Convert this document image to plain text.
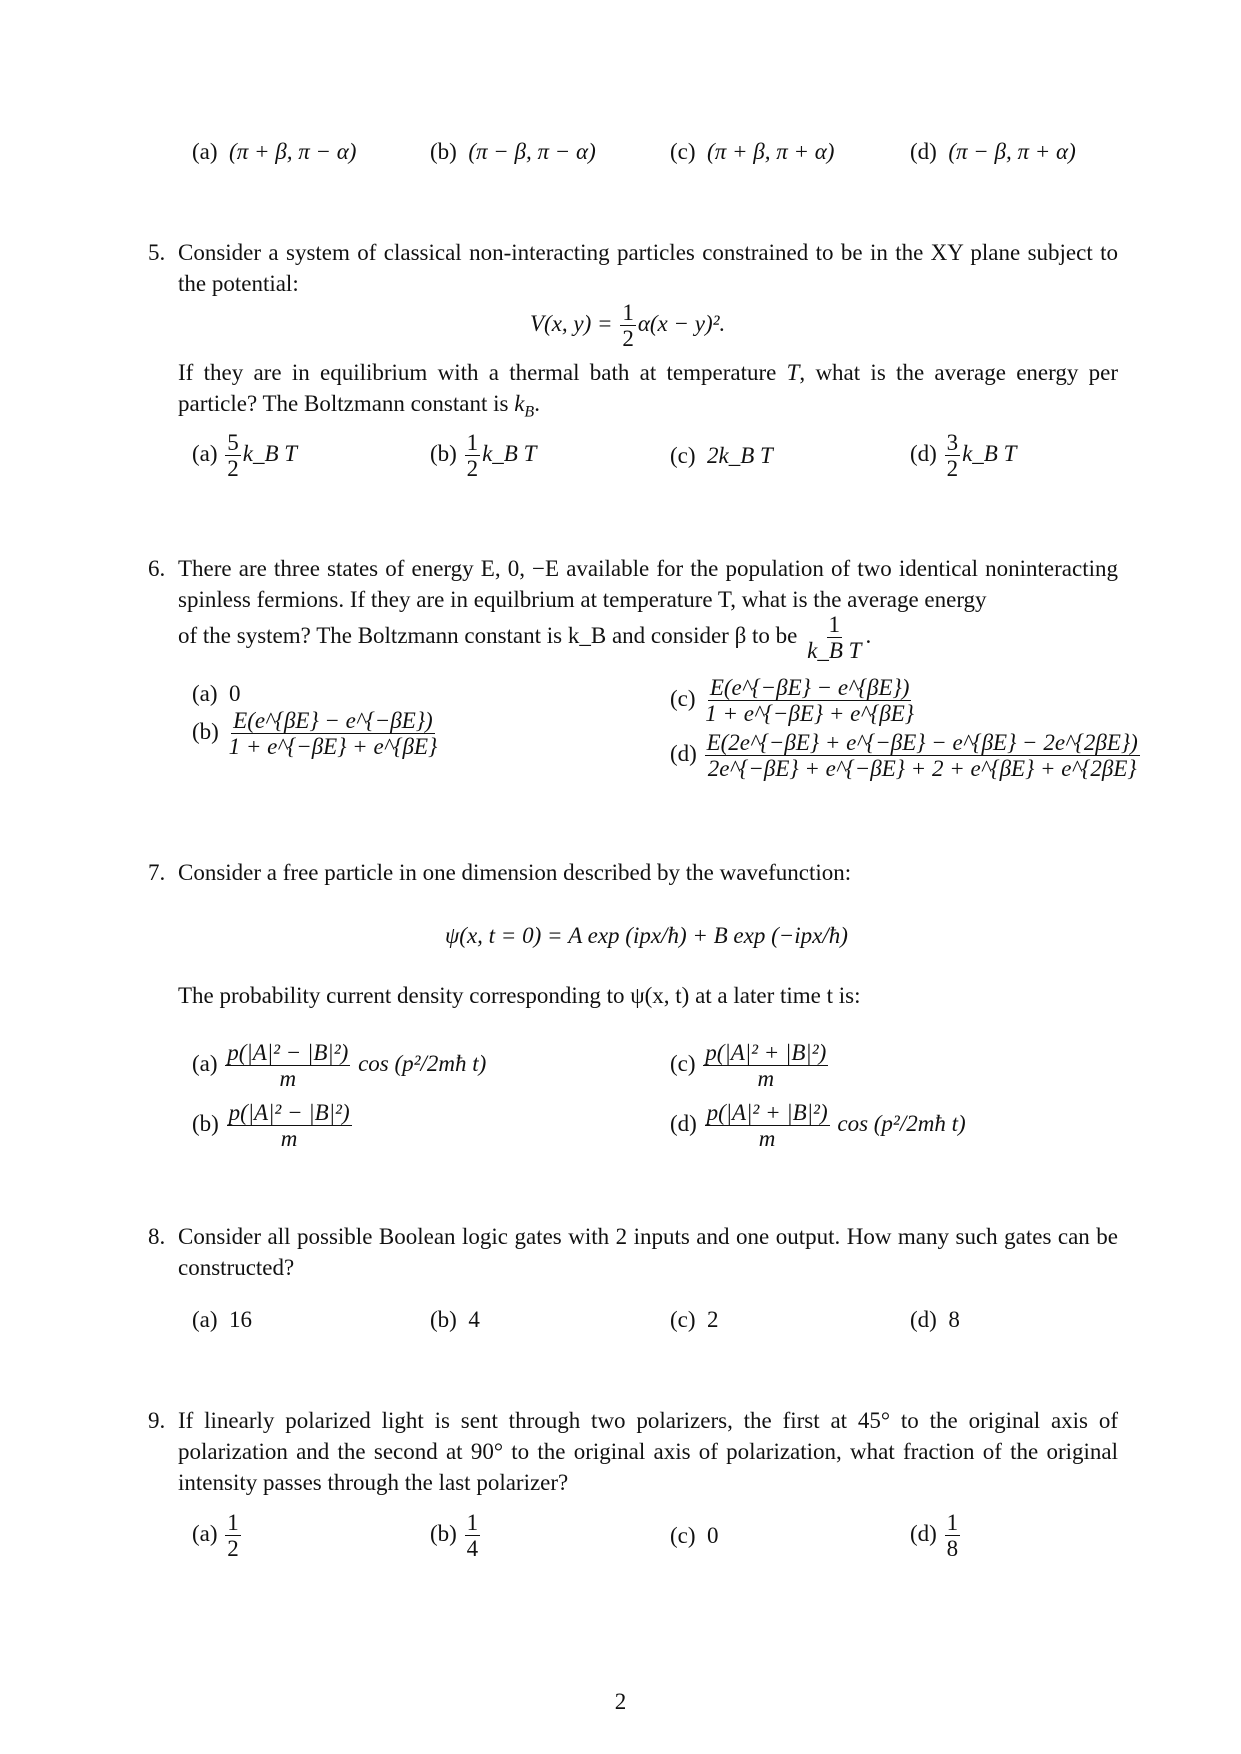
(a) (π + β, π − α)	(b) (π − β, π − α)	(c) (π + β, π + α)	(d) (π − β, π + α)
5. Consider a system of classical non-interacting particles constrained to be in the XY plane subject to the potential:
V(x, $y) = \frac{1}{2} \alpha(x - y)^2$.
If they are in equilibrium with a thermal bath at temperature T, what is the average energy per particle? The Boltzmann constant is $k_B$.
$(a) \frac{5}{2}$ k_B T	$(b) \frac{1}{2}$ k_B T	(c) 2k_B T	$(d) \frac{3}{2}$ k_B T
6. There are three states of energy E, 0, −E available for the population of two identical noninteracting spinless fermions. If they are in equilbrium at temperature T, what is the average energy
of the system? The Boltzmann constant is k_B and consider β to be $\frac{1}{\text{k\_B T}}$ .
(a) 0
$(b) \frac{E(e\^{}\{\beta E\} - e\^{}\{-\beta E\})}{1 + e\^{}\{-\beta E\} + e\^{}\{\beta E\}}$
$(c) \frac{E(e\^{}\{-\beta E\} - e\^{}\{\beta E\})}{1 + e\^{}\{-\beta E\} + e\^{}\{\beta E\}}$
$(d) \frac{E(2e\^{}\{-\beta E\} + e\^{}\{-\beta E\} - e\^{}\{\beta E\} - 2e\^{}\{2\beta E\})}{2e\^{}\{-\beta E\} + e\^{}\{-\beta E\} + 2 + e\^{}\{\beta E\} + e\^{}\{2\beta E\}}$
7. Consider a free particle in one dimension described by the wavefunction:
ψ(x, t = 0) = A exp (ipx/ħ) + B exp (−ipx/ħ)
The probability current density corresponding to ψ(x, t) at a later time t is:
$(a) \frac{\text{p(|A|² − |B|²)}}{m}$ cos (p²/2mħ t)
$(b) \frac{\text{p(|A|² − |B|²)}}{m}$
$(c) \frac{\text{p(|A|² + |B|²)}}{m}$
$(d) \frac{\text{p(|A|² + |B|²)}}{m}$ cos (p²/2mħ t)
8. Consider all possible Boolean logic gates with 2 inputs and one output. How many such gates can be constructed?
(a) 16	(b) 4	(c) 2	(d) 8
9. If linearly polarized light is sent through two polarizers, the first at 45° to the original axis of polarization and the second at 90° to the original axis of polarization, what fraction of the original intensity passes through the last polarizer?
$(a) \frac{1}{2}$	$(b) \frac{1}{4}$	(c) 0	$(d) \frac{1}{8}$
2
